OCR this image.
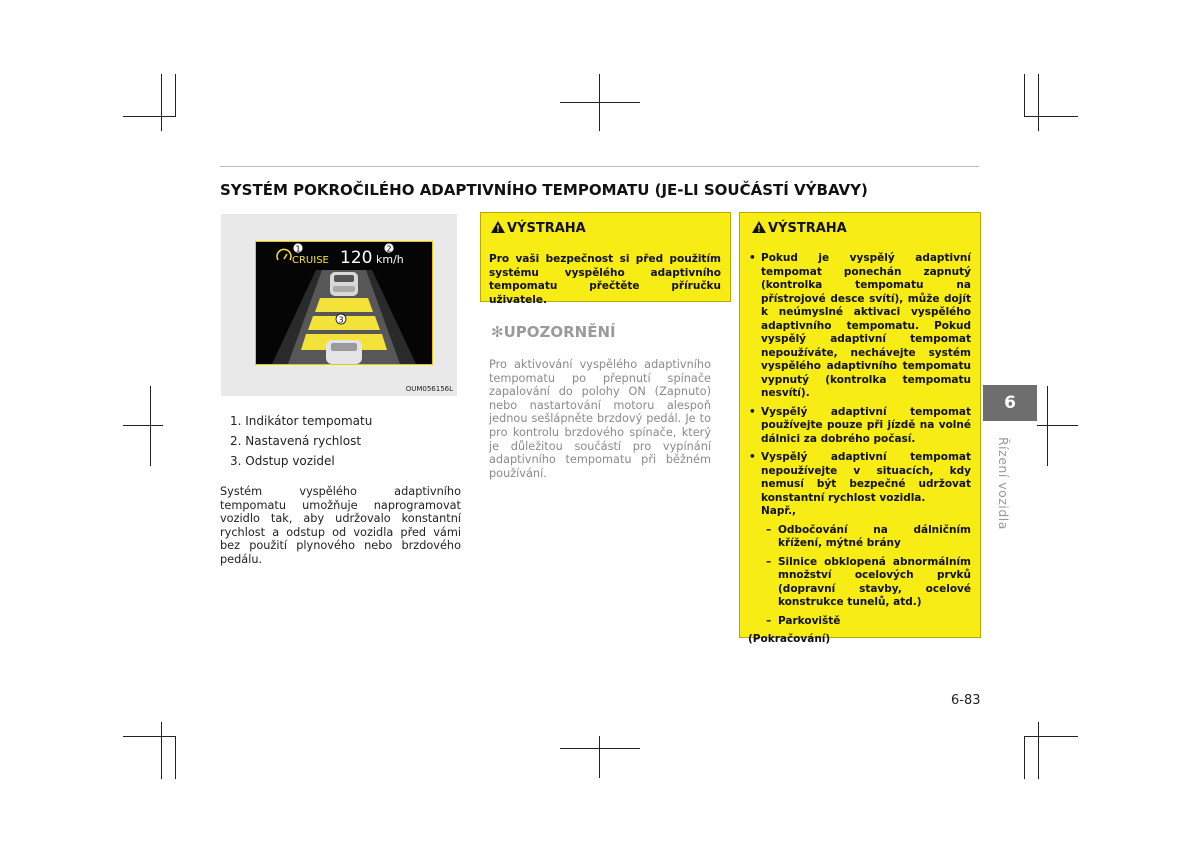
SYSTÉM POKROČILÉHO ADAPTIVNÍHO TEMPOMATU (JE-LI SOUČÁSTÍ VÝBAVY)
OUM056156L
CRUISE 120 km/h
1	2
3
1. Indikátor tempomatu
2. Nastavená rychlost
3. Odstup vozidel
Systém vyspělého adaptivního tempomatu umožňuje naprogramovat vozidlo tak, aby udržovalo konstantní rychlost a odstup od vozidla před vámi bez použití plynového nebo brzdového pedálu.
VÝSTRAHA
Pro vaši bezpečnost si před použitím systému vyspělého adaptivního tempomatu přečtěte příručku uživatele.
✻UPOZORNĚNÍ
Pro aktivování vyspělého adaptivního tempomatu po přepnutí spínače zapalování do polohy ON (Zapnuto) nebo nastartování motoru alespoň jednou sešlápněte brzdový pedál. Je to pro kontrolu brzdového spínače, který je důležitou součástí pro vypínání adaptivního tempomatu při běžném používání.
VÝSTRAHA
• Pokud je vyspělý adaptivní tempomat ponechán zapnutý (kontrolka tempomatu na přístrojové desce svítí), může dojít k neúmyslné aktivaci vyspělého adaptivního tempomatu. Pokud vyspělý adaptivní tempomat nepoužíváte, nechávejte systém vyspělého adaptivního tempomatu vypnutý (kontrolka tempomatu nesvítí).
• Vyspělý adaptivní tempomat používejte pouze při jízdě na volné dálnici za dobrého počasí.
• Vyspělý adaptivní tempomat nepoužívejte v situacích, kdy nemusí být bezpečné udržovat konstantní rychlost vozidla.
Např.,
– Odbočování na dálničním křížení, mýtné brány
– Silnice obklopená abnormálním množství ocelových prvků (dopravní stavby, ocelové konstrukce tunelů, atd.)
– Parkoviště
(Pokračování)
6
Řízení vozidla
6-83
